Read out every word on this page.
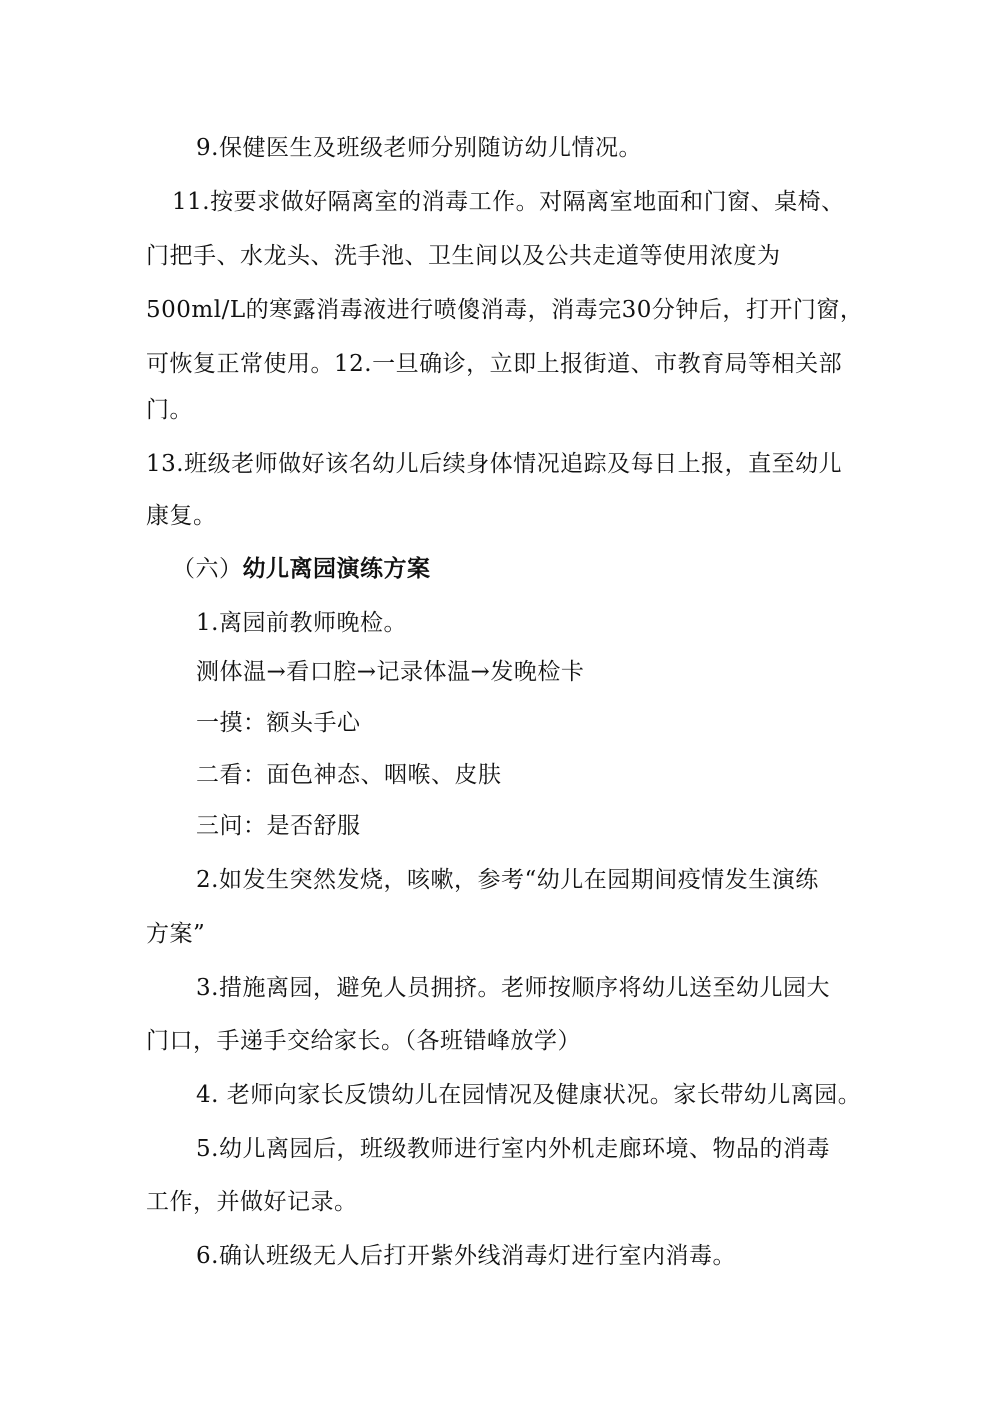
9.保健医生及班级老师分别随访幼儿情况。
11.按要求做好隔离室的消毒工作。对隔离室地面和门窗、桌椅、
门把手、水龙头、洗手池、卫生间以及公共走道等使用浓度为
500ml/L的寒露消毒液进行喷傻消毒，消毒完30分钟后，打开门窗，
可恢复正常使用。12.一旦确诊，立即上报街道、市教育局等相关部
门。
13.班级老师做好该名幼儿后续身体情况追踪及每日上报，直至幼儿
康复。
（六）幼儿离园演练方案
1.离园前教师晚检。
测体温→看口腔→记录体温→发晚检卡
一摸：额头手心
二看：面色神态、咽喉、皮肤
三问：是否舒服
2.如发生突然发烧，咳嗽，参考“幼儿在园期间疫情发生演练
方案”
3.措施离园，避免人员拥挤。老师按顺序将幼儿送至幼儿园大
门口，手递手交给家长。（各班错峰放学）
4. 老师向家长反馈幼儿在园情况及健康状况。家长带幼儿离园。
5.幼儿离园后，班级教师进行室内外机走廊环境、物品的消毒
工作，并做好记录。
6.确认班级无人后打开紫外线消毒灯进行室内消毒。
